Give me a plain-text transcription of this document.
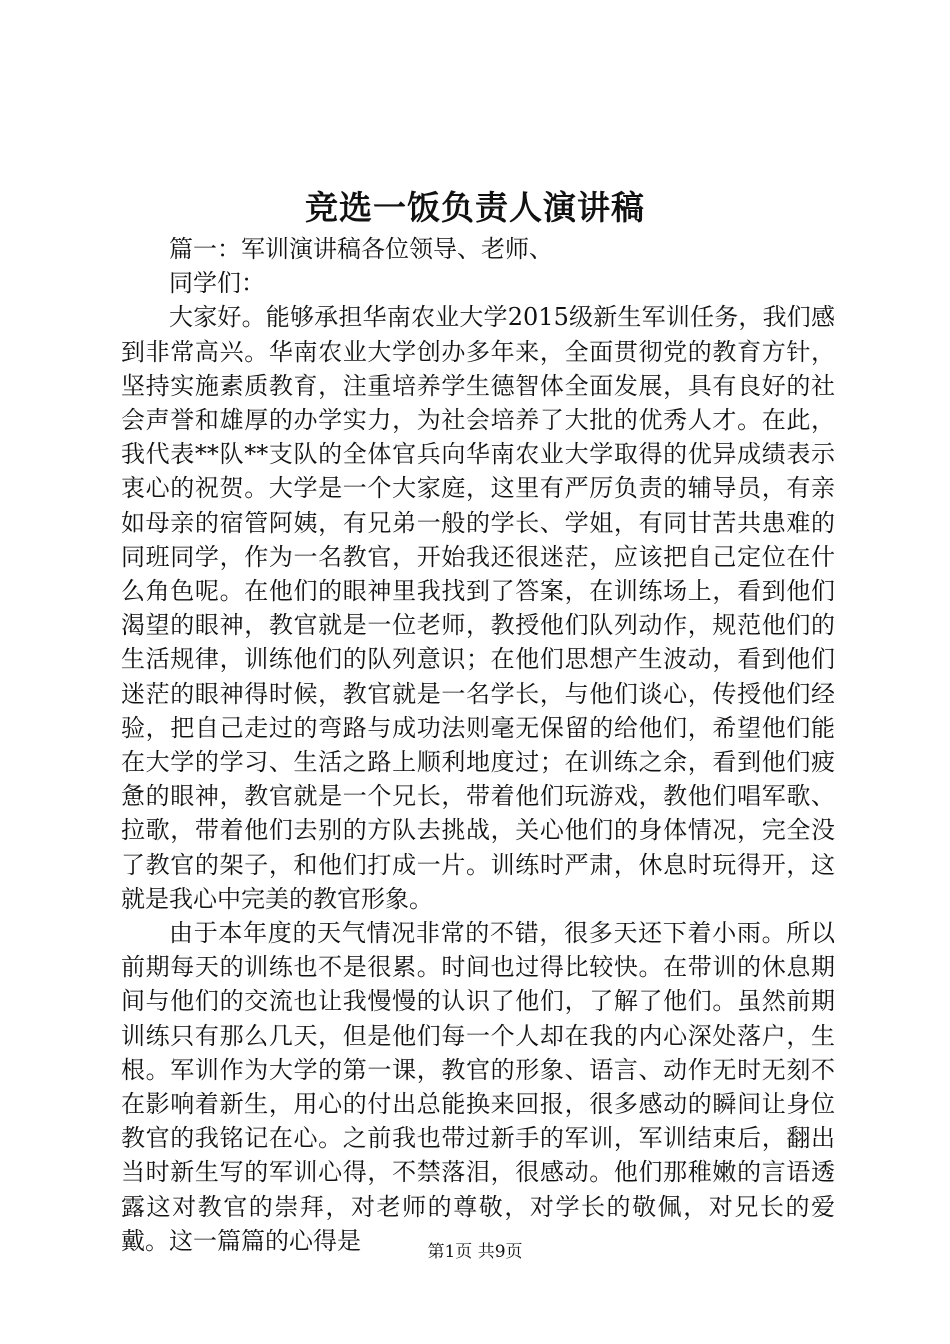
竞选一饭负责人演讲稿

篇一：军训演讲稿各位领导、老师、

同学们：

大家好。能够承担华南农业大学2015级新生军训任务，我们感到非常高兴。华南农业大学创办多年来，全面贯彻党的教育方针，坚持实施素质教育，注重培养学生德智体全面发展，具有良好的社会声誉和雄厚的办学实力，为社会培养了大批的优秀人才。在此，我代表**队**支队的全体官兵向华南农业大学取得的优异成绩表示衷心的祝贺。大学是一个大家庭，这里有严厉负责的辅导员，有亲如母亲的宿管阿姨，有兄弟一般的学长、学姐，有同甘苦共患难的同班同学，作为一名教官，开始我还很迷茫，应该把自己定位在什么角色呢。在他们的眼神里我找到了答案，在训练场上，看到他们渴望的眼神，教官就是一位老师，教授他们队列动作，规范他们的生活规律，训练他们的队列意识；在他们思想产生波动，看到他们迷茫的眼神得时候，教官就是一名学长，与他们谈心，传授他们经验，把自己走过的弯路与成功法则毫无保留的给他们，希望他们能在大学的学习、生活之路上顺利地度过；在训练之余，看到他们疲惫的眼神，教官就是一个兄长，带着他们玩游戏，教他们唱军歌、拉歌，带着他们去别的方队去挑战，关心他们的身体情况，完全没了教官的架子，和他们打成一片。训练时严肃，休息时玩得开，这就是我心中完美的教官形象。

由于本年度的天气情况非常的不错，很多天还下着小雨。所以前期每天的训练也不是很累。时间也过得比较快。在带训的休息期间与他们的交流也让我慢慢的认识了他们，了解了他们。虽然前期训练只有那么几天，但是他们每一个人却在我的内心深处落户，生根。军训作为大学的第一课，教官的形象、语言、动作无时无刻不在影响着新生，用心的付出总能换来回报，很多感动的瞬间让身位教官的我铭记在心。之前我也带过新手的军训，军训结束后，翻出当时新生写的军训心得，不禁落泪，很感动。他们那稚嫩的言语透露这对教官的崇拜，对老师的尊敬，对学长的敬佩，对兄长的爱戴。这一篇篇的心得是	第1页 共9页
